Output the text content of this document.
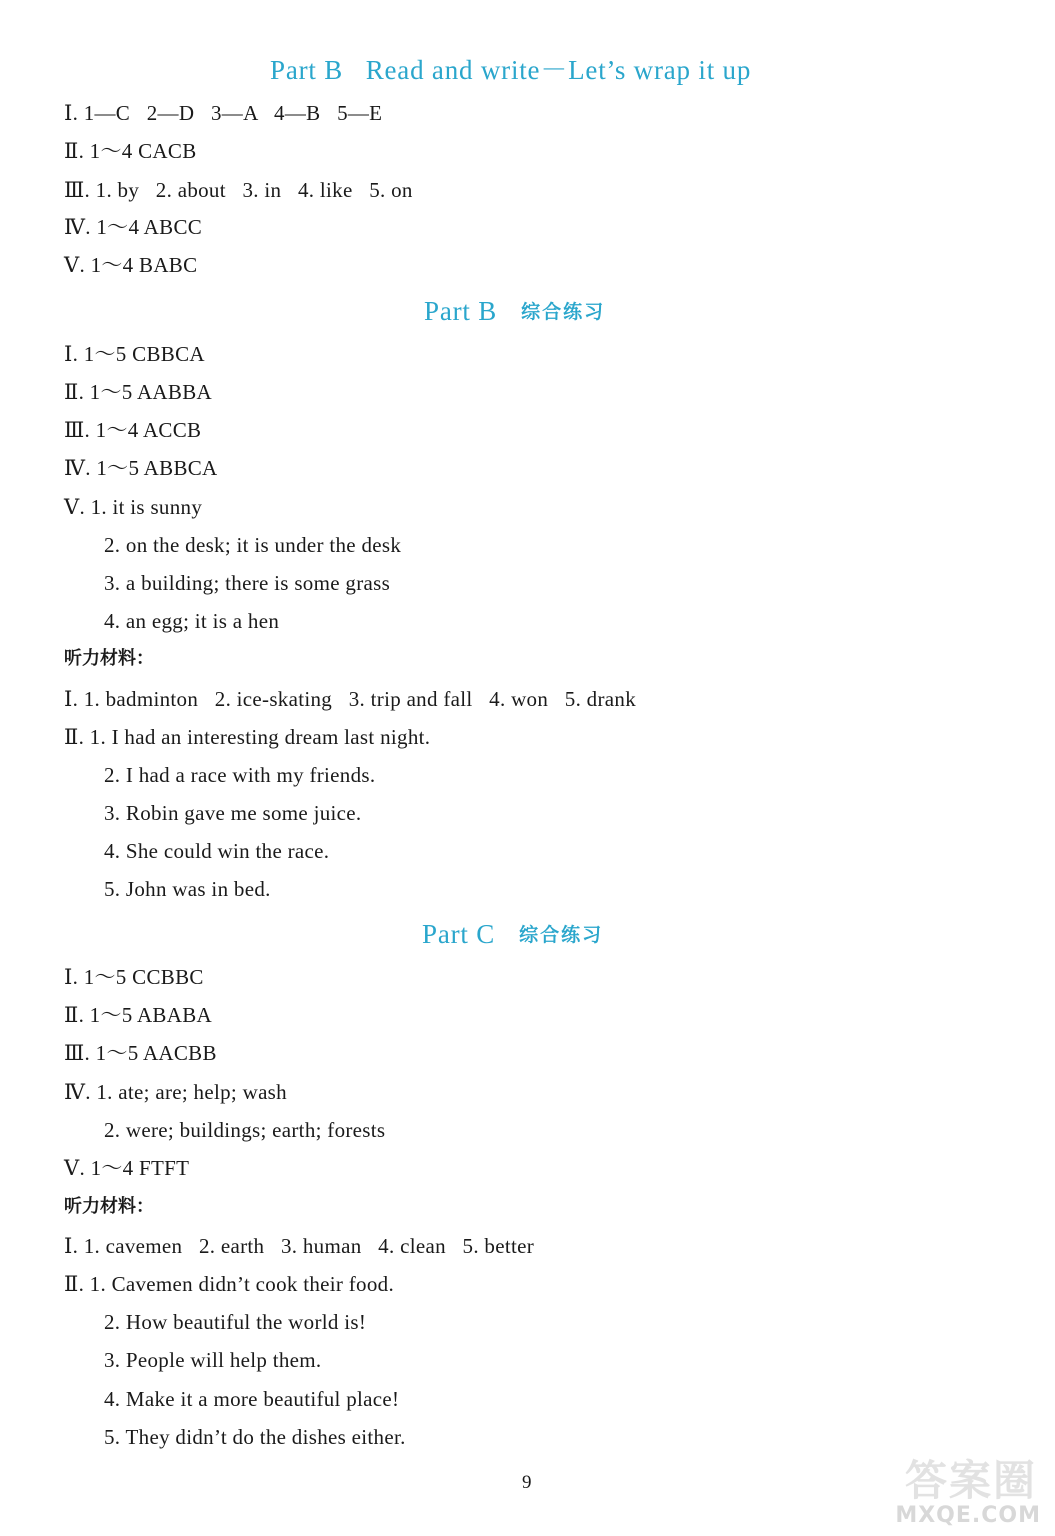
Part B   Read and write－Let’s wrap it up
Ⅰ. 1—C   2—D   3—A   4—B   5—E
Ⅱ. 1～4 CACB
Ⅲ. 1. by   2. about   3. in   4. like   5. on
Ⅳ. 1～4 ABCC
Ⅴ. 1～4 BABC
Part B 综合练习
Ⅰ. 1～5 CBBCA
Ⅱ. 1～5 AABBA
Ⅲ. 1～4 ACCB
Ⅳ. 1～5 ABBCA
Ⅴ. 1. it is sunny
2. on the desk; it is under the desk
3. a building; there is some grass
4. an egg; it is a hen
听力材料：
Ⅰ. 1. badminton   2. ice-skating   3. trip and fall   4. won   5. drank
Ⅱ. 1. I had an interesting dream last night.
2. I had a race with my friends.
3. Robin gave me some juice.
4. She could win the race.
5. John was in bed.
Part C 综合练习
Ⅰ. 1～5 CCBBC
Ⅱ. 1～5 ABABA
Ⅲ. 1～5 AACBB
Ⅳ. 1. ate; are; help; wash
2. were; buildings; earth; forests
Ⅴ. 1～4 FTFT
听力材料：
Ⅰ. 1. cavemen   2. earth   3. human   4. clean   5. better
Ⅱ. 1. Cavemen didn’t cook their food.
2. How beautiful the world is!
3. People will help them.
4. Make it a more beautiful place!
5. They didn’t do the dishes either.
9	答案圈
MXQE.COM
